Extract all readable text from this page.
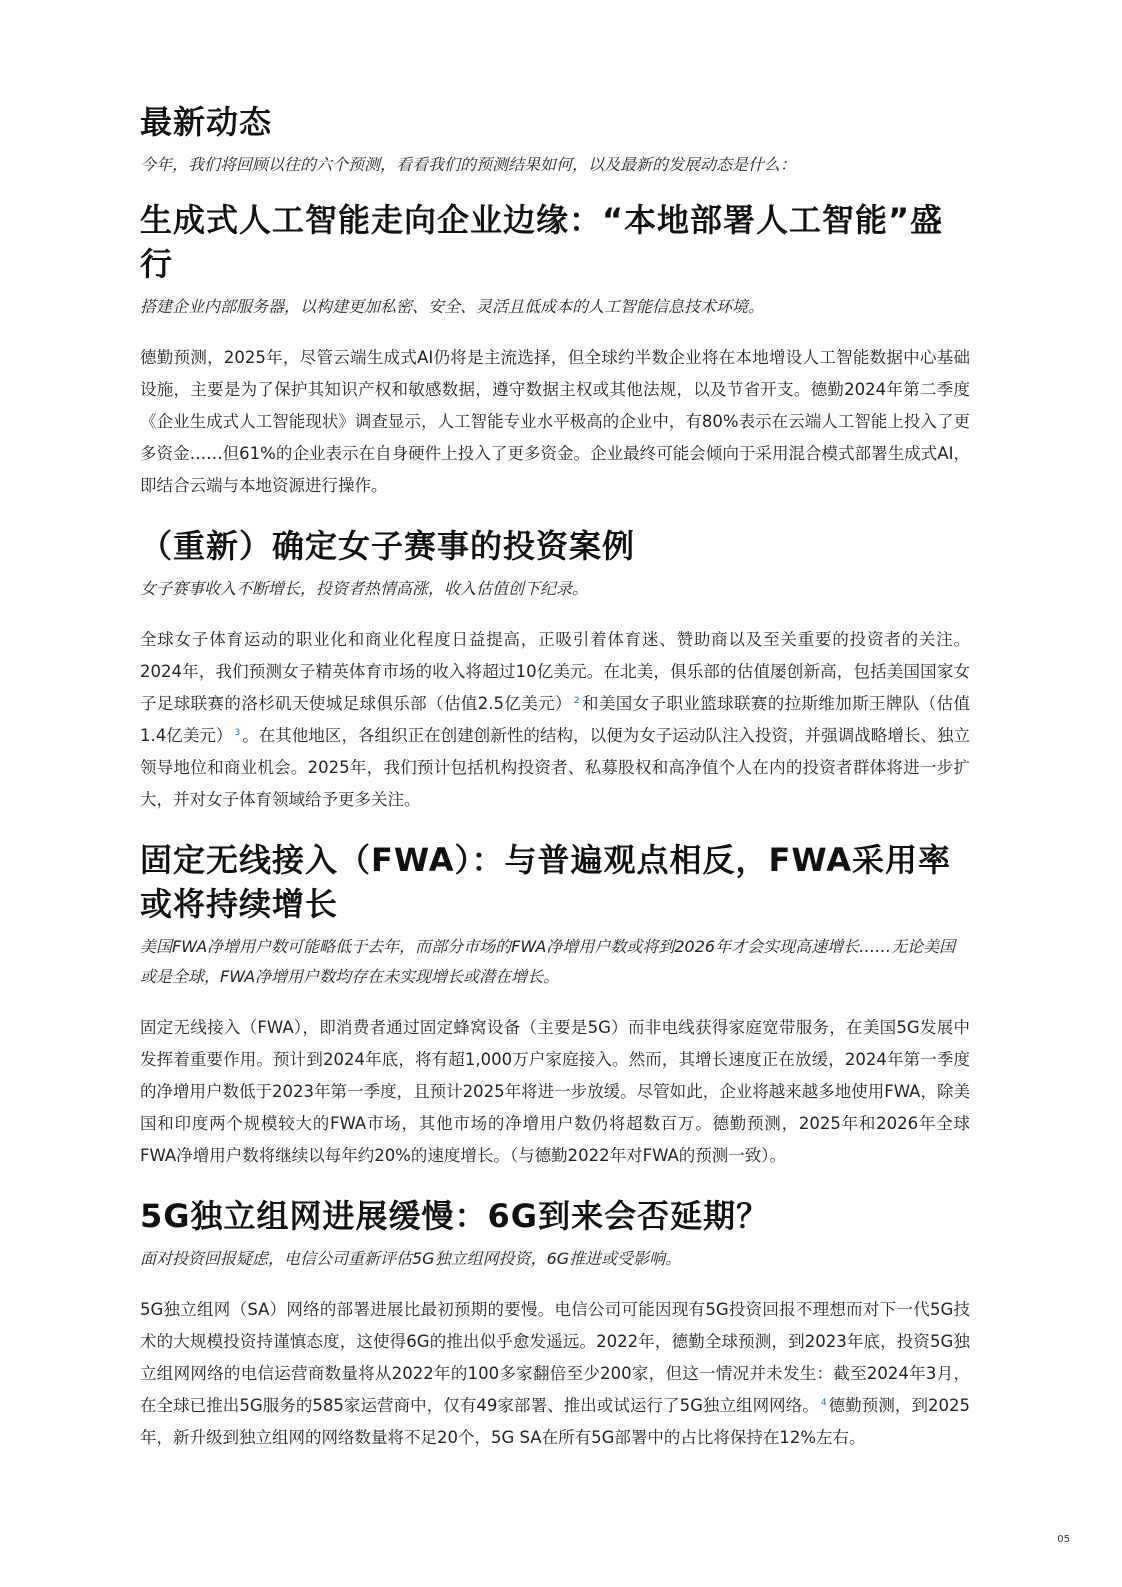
最新动态

今年，我们将回顾以往的六个预测，看看我们的预测结果如何，以及最新的发展动态是什么：

生成式人工智能走向企业边缘：“本地部署人工智能”盛行

搭建企业内部服务器，以构建更加私密、安全、灵活且低成本的人工智能信息技术环境。

德勤预测，2025年，尽管云端生成式AI仍将是主流选择，但全球约半数企业将在本地增设人工智能数据中心基础设施，主要是为了保护其知识产权和敏感数据，遵守数据主权或其他法规，以及节省开支。德勤2024年第二季度《企业生成式人工智能现状》调查显示，人工智能专业水平极高的企业中，有80%表示在云端人工智能上投入了更多资金……但61%的企业表示在自身硬件上投入了更多资金。企业最终可能会倾向于采用混合模式部署生成式AI，即结合云端与本地资源进行操作。

（重新）确定女子赛事的投资案例

女子赛事收入不断增长，投资者热情高涨，收入估值创下纪录。

全球女子体育运动的职业化和商业化程度日益提高，正吸引着体育迷、赞助商以及至关重要的投资者的关注。2024年，我们预测女子精英体育市场的收入将超过10亿美元。在北美，俱乐部的估值屡创新高，包括美国国家女子足球联赛的洛杉矶天使城足球俱乐部（估值2.5亿美元） $^2$ 和美国女子职业篮球联赛的拉斯维加斯王牌队（估值1.4亿美元） $^3$ 。在其他地区，各组织正在创建创新性的结构，以便为女子运动队注入投资，并强调战略增长、独立领导地位和商业机会。2025年，我们预计包括机构投资者、私募股权和高净值个人在内的投资者群体将进一步扩大，并对女子体育领域给予更多关注。

固定无线接入（FWA）：与普遍观点相反，FWA采用率或将持续增长

美国FWA净增用户数可能略低于去年，而部分市场的FWA净增用户数或将到2026年才会实现高速增长……无论美国或是全球，FWA净增用户数均存在未实现增长或潜在增长。

固定无线接入（FWA），即消费者通过固定蜂窝设备（主要是5G）而非电线获得家庭宽带服务，在美国5G发展中发挥着重要作用。预计到2024年底，将有超1,000万户家庭接入。然而，其增长速度正在放缓，2024年第一季度的净增用户数低于2023年第一季度，且预计2025年将进一步放缓。尽管如此，企业将越来越多地使用FWA，除美国和印度两个规模较大的FWA市场，其他市场的净增用户数仍将超数百万。德勤预测，2025年和2026年全球FWA净增用户数将继续以每年约20%的速度增长。（与德勤2022年对FWA的预测一致）。

5G独立组网进展缓慢：6G到来会否延期？

面对投资回报疑虑，电信公司重新评估5G独立组网投资，6G推进或受影响。

5G独立组网（SA）网络的部署进展比最初预期的要慢。电信公司可能因现有5G投资回报不理想而对下一代5G技术的大规模投资持谨慎态度，这使得6G的推出似乎愈发遥远。2022年，德勤全球预测，到2023年底，投资5G独立组网网络的电信运营商数量将从2022年的100多家翻倍至少200家，但这一情况并未发生：截至2024年3月，在全球已推出5G服务的585家运营商中，仅有49家部署、推出或试运行了5G独立组网网络。 $^4$ 德勤预测，到2025年，新升级到独立组网的网络数量将不足20个，5G SA在所有5G部署中的占比将保持在12%左右。

05
